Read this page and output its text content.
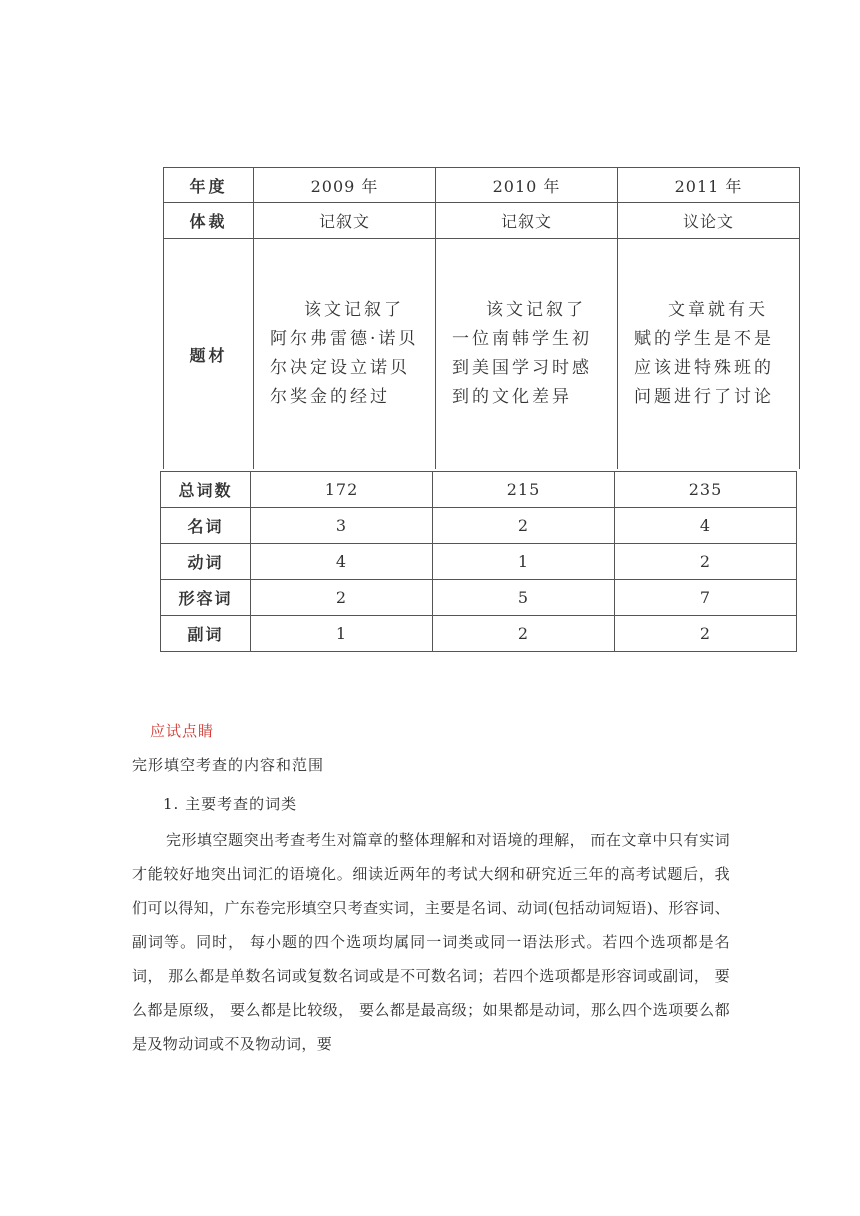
年度	2009 年	2010 年	2011 年
体裁	记叙文	记叙文	议论文
题材	该文记叙了阿尔弗雷德·诺贝尔决定设立诺贝尔奖金的经过	该文记叙了一位南韩学生初到美国学习时感到的文化差异	文章就有天赋的学生是不是应该进特殊班的问题进行了讨论
总词数	172	215	235
名词	3	2	4
动词	4	1	2
形容词	2	5	7
副词	1	2	2
应试点睛
完形填空考查的内容和范围
1. 主要考查的词类
完形填空题突出考查考生对篇章的整体理解和对语境的理解， 而在文章中只有实词才能较好地突出词汇的语境化。细读近两年的考试大纲和研究近三年的高考试题后，我们可以得知，广东卷完形填空只考查实词，主要是名词、动词(包括动词短语)、形容词、副词等。同时， 每小题的四个选项均属同一词类或同一语法形式。若四个选项都是名词， 那么都是单数名词或复数名词或是不可数名词；若四个选项都是形容词或副词， 要么都是原级， 要么都是比较级， 要么都是最高级；如果都是动词，那么四个选项要么都是及物动词或不及物动词，要
